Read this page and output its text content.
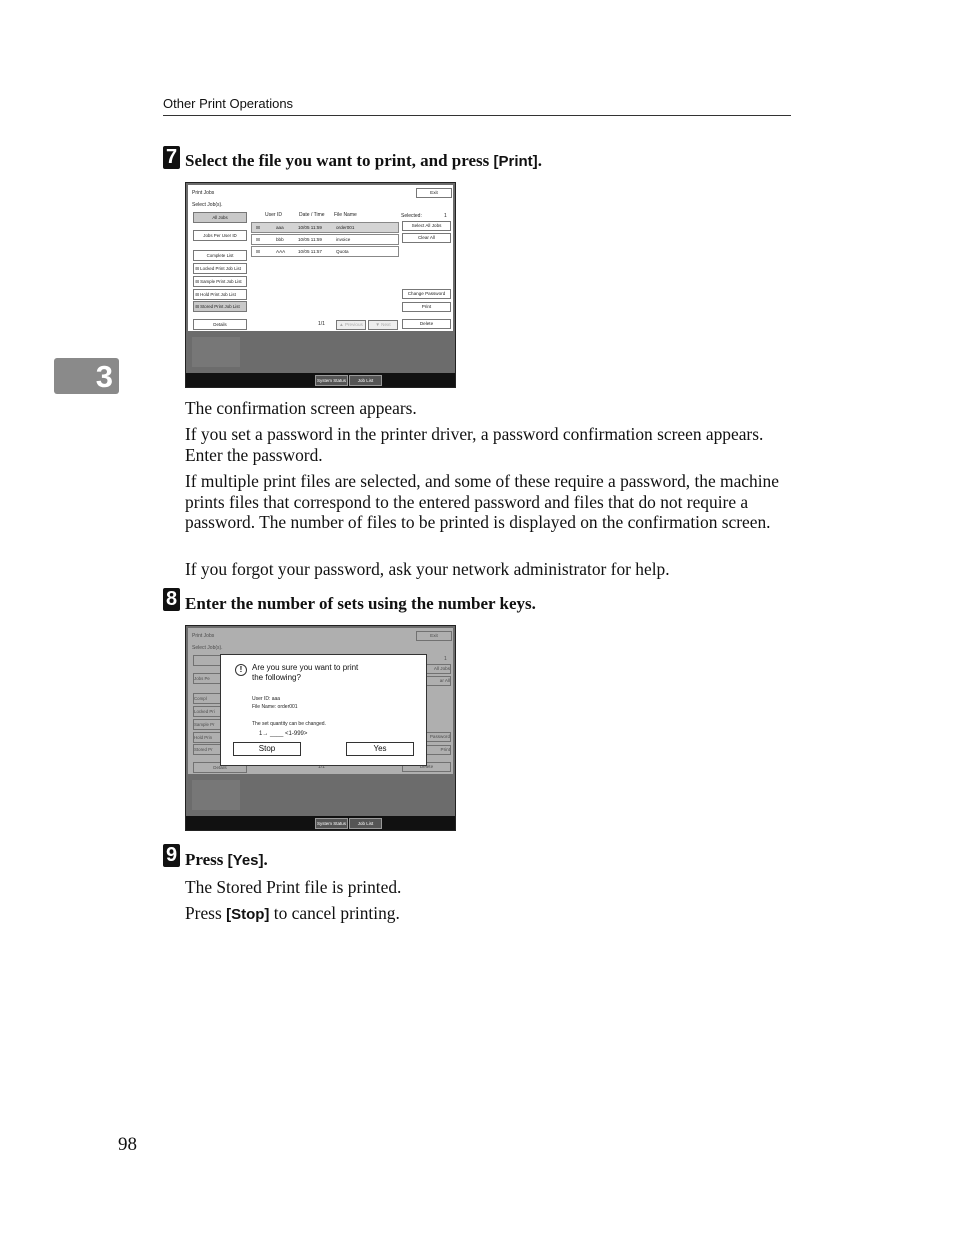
Other Print Operations
3
7 Select the file you want to print, and press [Print].
Print Jobs	Exit
Select Job(s).
All Jobs
Jobs Per User ID
Complete List
⊟ Locked Print Job List
⊟ Sample Print Job List
⊟ Hold Print Job List
⊟ Stored Print Job List
Details
User ID	Date / Time File Name	Selected:	1
⊟	aaa	10/05 11:59	order001
⊟	bbb	10/05 11:59	invoice
⊟	AAA	10/05 11:57	Quota
Select All Jobs
Clear All
Change Password
Print
Delete
1/1	▲ Previous	▼ Next
System Status	Job List
The confirmation screen appears.
If you set a password in the printer driver, a password confirmation screen appears. Enter the password.
If multiple print files are selected, and some of these require a password, the machine prints files that correspond to the entered password and files that do not require a password. The number of files to be printed is displayed on the confirmation screen.
If you forgot your password, ask your network administrator for help.
8 Enter the number of sets using the number keys.
!	Are you sure you want to print
the following?
User ID: aaa
File Name: order001
The set quantity can be changed.
1→ ____ <1-999>
Stop	Yes
System Status	Job List
9 Press [Yes].
The Stored Print file is printed.
Press [Stop] to cancel printing.
98
